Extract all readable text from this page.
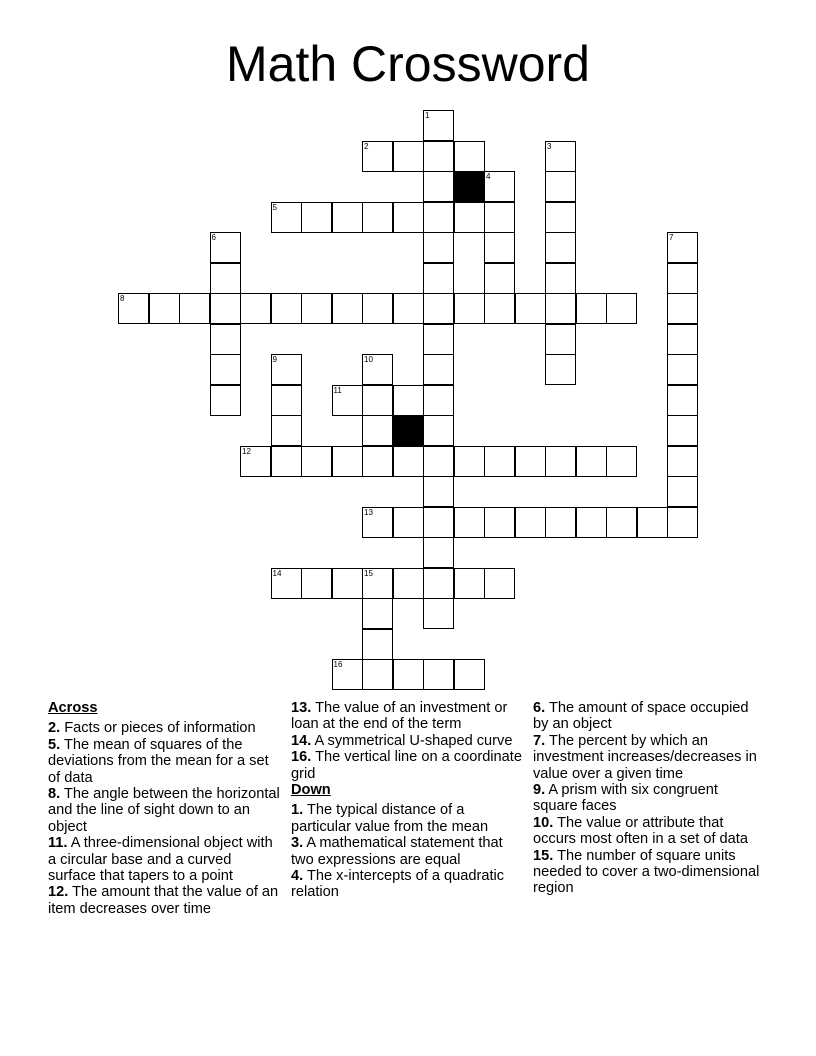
Math Crossword
2
5
8
11
12
13
14	15
16
1
3
4
6	7
9	10
Across
2. Facts or pieces of information
5. The mean of squares of the deviations from the mean for a set of data
8. The angle between the horizontal and the line of sight down to an object
11. A three-dimensional object with a circular base and a curved surface that tapers to a point
12. The amount that the value of an item decreases over time
13. The value of an investment or loan at the end of the term
14. A symmetrical U-shaped curve
16. The vertical line on a coordinate grid
Down
1. The typical distance of a particular value from the mean
3. A mathematical statement that two expressions are equal
4. The x-intercepts of a quadratic relation
6. The amount of space occupied by an object
7. The percent by which an investment increases/decreases in value over a given time
9. A prism with six congruent square faces
10. The value or attribute that occurs most often in a set of data
15. The number of square units needed to cover a two-dimensional region
